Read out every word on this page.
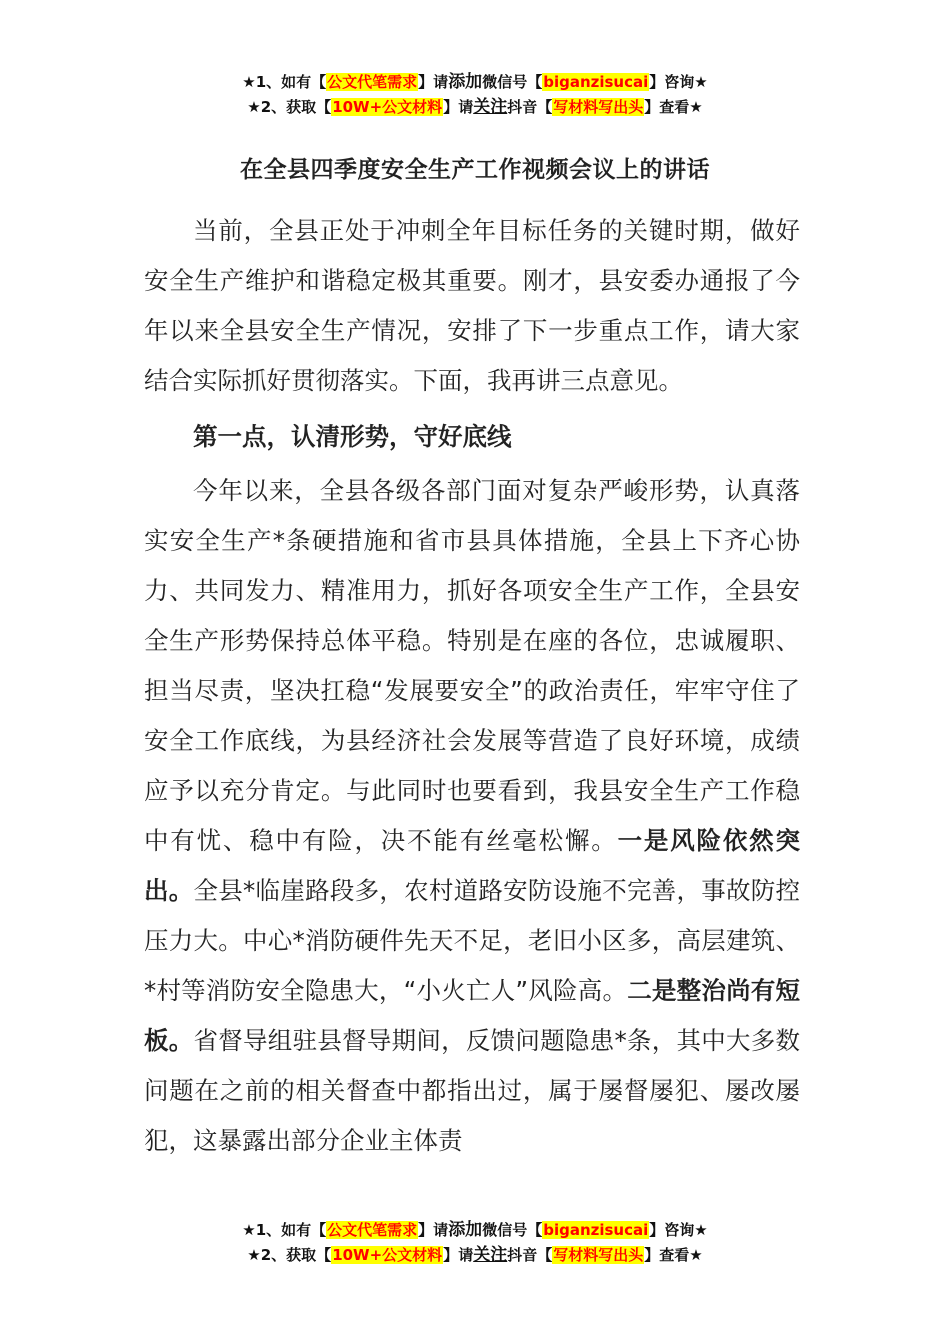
★1、如有【公文代笔需求】请添加微信号【biganzisucai】咨询★
★2、获取【10W+公文材料】请关注抖音【写材料写出头】查看★
在全县四季度安全生产工作视频会议上的讲话

当前，全县正处于冲刺全年目标任务的关键时期，做好安全生产维护和谐稳定极其重要。刚才，县安委办通报了今年以来全县安全生产情况，安排了下一步重点工作，请大家结合实际抓好贯彻落实。下面，我再讲三点意见。

第一点，认清形势，守好底线

今年以来，全县各级各部门面对复杂严峻形势，认真落实安全生产*条硬措施和省市县具体措施，全县上下齐心协力、共同发力、精准用力，抓好各项安全生产工作，全县安全生产形势保持总体平稳。特别是在座的各位，忠诚履职、担当尽责，坚决扛稳“发展要安全”的政治责任，牢牢守住了安全工作底线，为县经济社会发展等营造了良好环境，成绩应予以充分肯定。与此同时也要看到，我县安全生产工作稳中有忧、稳中有险，决不能有丝毫松懈。一是风险依然突出。全县*临崖路段多，农村道路安防设施不完善，事故防控压力大。中心*消防硬件先天不足，老旧小区多，高层建筑、*村等消防安全隐患大，“小火亡人”风险高。二是整治尚有短板。省督导组驻县督导期间，反馈问题隐患*条，其中大多数问题在之前的相关督查中都指出过，属于屡督屡犯、屡改屡犯，这暴露出部分企业主体责

★1、如有【公文代笔需求】请添加微信号【biganzisucai】咨询★
★2、获取【10W+公文材料】请关注抖音【写材料写出头】查看★
